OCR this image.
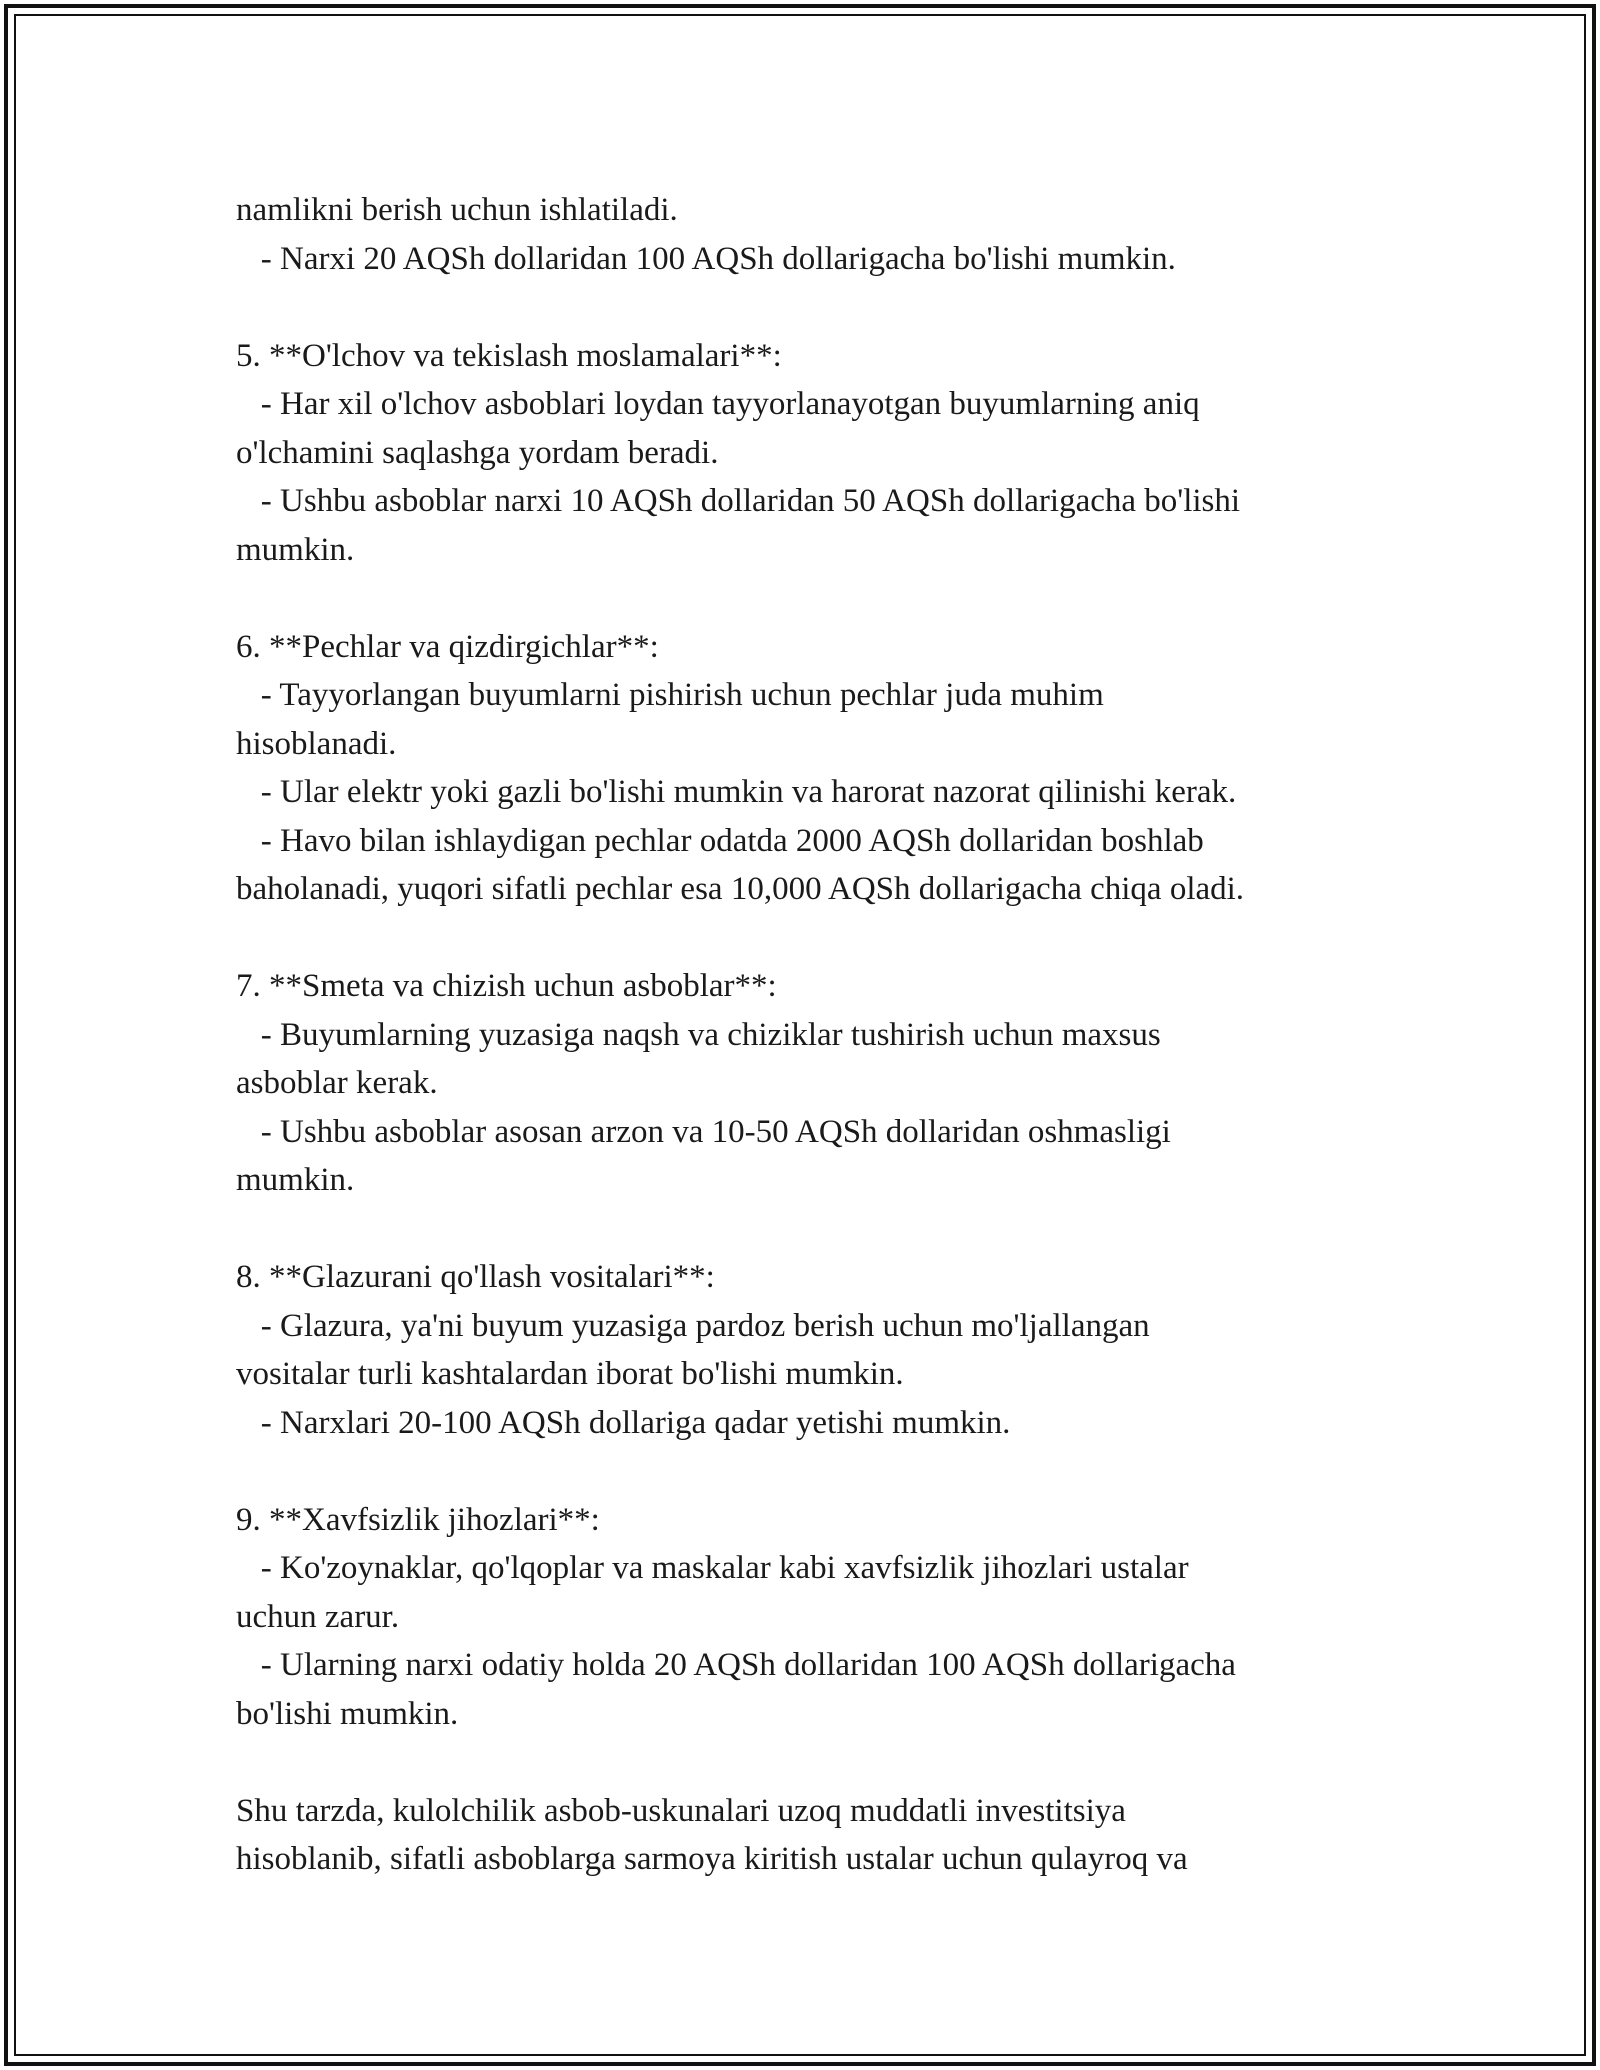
namlikni berish uchun ishlatiladi.
- Narxi 20 AQSh dollaridan 100 AQSh dollarigacha bo'lishi mumkin.
5. **O'lchov va tekislash moslamalari**:
- Har xil o'lchov asboblari loydan tayyorlanayotgan buyumlarning aniq
o'lchamini saqlashga yordam beradi.
- Ushbu asboblar narxi 10 AQSh dollaridan 50 AQSh dollarigacha bo'lishi
mumkin.
6. **Pechlar va qizdirgichlar**:
- Tayyorlangan buyumlarni pishirish uchun pechlar juda muhim
hisoblanadi.
- Ular elektr yoki gazli bo'lishi mumkin va harorat nazorat qilinishi kerak.
- Havo bilan ishlaydigan pechlar odatda 2000 AQSh dollaridan boshlab
baholanadi, yuqori sifatli pechlar esa 10,000 AQSh dollarigacha chiqa oladi.
7. **Smeta va chizish uchun asboblar**:
- Buyumlarning yuzasiga naqsh va chiziklar tushirish uchun maxsus
asboblar kerak.
- Ushbu asboblar asosan arzon va 10-50 AQSh dollaridan oshmasligi
mumkin.
8. **Glazurani qo'llash vositalari**:
- Glazura, ya'ni buyum yuzasiga pardoz berish uchun mo'ljallangan
vositalar turli kashtalardan iborat bo'lishi mumkin.
- Narxlari 20-100 AQSh dollariga qadar yetishi mumkin.
9. **Xavfsizlik jihozlari**:
- Ko'zoynaklar, qo'lqoplar va maskalar kabi xavfsizlik jihozlari ustalar
uchun zarur.
- Ularning narxi odatiy holda 20 AQSh dollaridan 100 AQSh dollarigacha
bo'lishi mumkin.
Shu tarzda, kulolchilik asbob-uskunalari uzoq muddatli investitsiya
hisoblanib, sifatli asboblarga sarmoya kiritish ustalar uchun qulayroq va
